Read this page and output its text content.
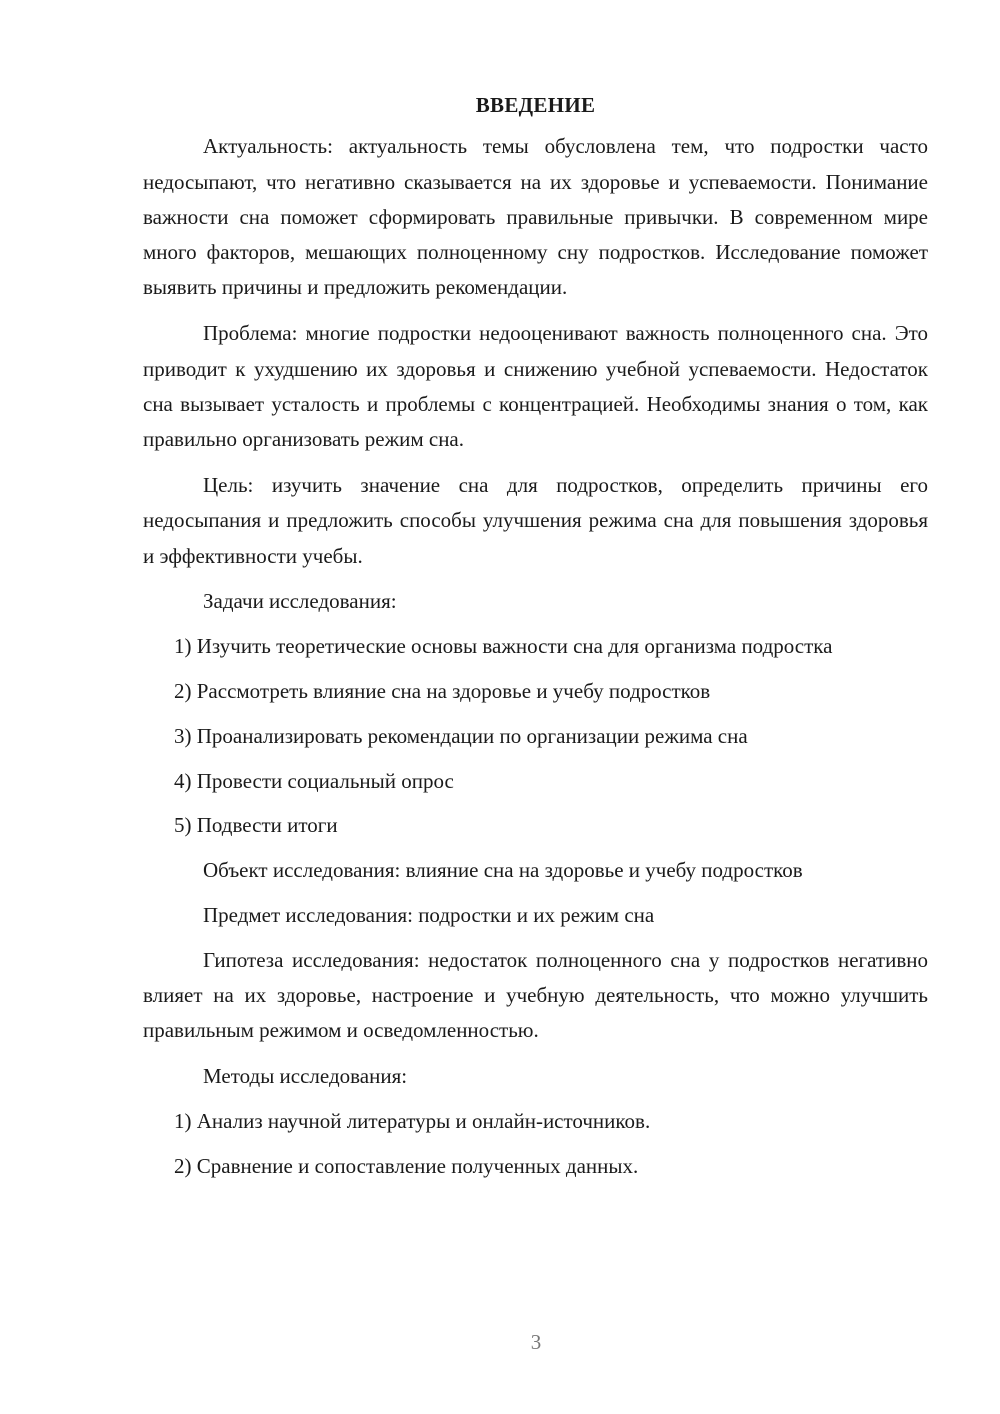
ВВЕДЕНИЕ

Актуальность: актуальность темы обусловлена тем, что подростки часто недосыпают, что негативно сказывается на их здоровье и успеваемости. Понимание важности сна поможет сформировать правильные привычки. В современном мире много факторов, мешающих полноценному сну подростков. Исследование поможет выявить причины и предложить рекомендации.

Проблема: многие подростки недооценивают важность полноценного сна. Это приводит к ухудшению их здоровья и снижению учебной успеваемости. Недостаток сна вызывает усталость и проблемы с концентрацией. Необходимы знания о том, как правильно организовать режим сна.

Цель: изучить значение сна для подростков, определить причины его недосыпания и предложить способы улучшения режима сна для повышения здоровья и эффективности учебы.

Задачи исследования:

1) Изучить теоретические основы важности сна для организма подростка

2) Рассмотреть влияние сна на здоровье и учебу подростков

3) Проанализировать рекомендации по организации режима сна

4) Провести социальный опрос

5) Подвести итоги

Объект исследования: влияние сна на здоровье и учебу подростков

Предмет исследования: подростки и их режим сна

Гипотеза исследования: недостаток полноценного сна у подростков негативно влияет на их здоровье, настроение и учебную деятельность, что можно улучшить правильным режимом и осведомленностью.

Методы исследования:

1) Анализ научной литературы и онлайн-источников.

2) Сравнение и сопоставление полученных данных.

3
